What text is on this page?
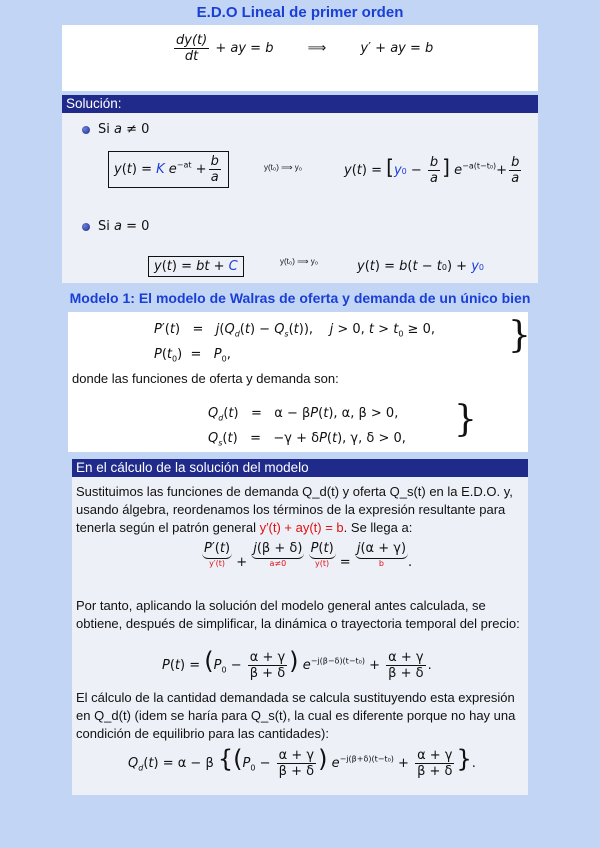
E.D.O Lineal de primer orden
$\frac{dy(t)}{dt}$ + ay = b	⟹	y′ + ay = b
Solución:
Si a ≠ 0
y(t) = K $e^{-at} + \frac{b}{a}$	y(t₀) ⟹ y₀	$y(t) = [y0 - \frac{b}{a}$ ] $e^{-a(t-t_0)}+ \frac{b}{a}$
Si a = 0
y(t) = bt + C	y(t₀) ⟹ y₀	y(t) = b(t − t0) + y0
Modelo 1: El modelo de Walras de oferta y demanda de un único bien
$P'(t) = j(Q_d(t) - Q_s(t))$,    j > 0, $t > t_0 \ge 0$,
$P(t_0) = P_0$,	}
donde las funciones de oferta y demanda son:
$Q_d(t) = \alpha - \beta P(t)$, α, β > 0,
$Q_s(t) = -\gamma + \delta P(t)$, γ, δ > 0, }
En el cálculo de la solución del modelo
Sustituimos las funciones de demanda Q_d(t) y oferta Q_s(t) en la E.D.O. y, usando álgebra, reordenamos los términos de la expresión resultante para tenerla según el patrón general y′(t) + ay(t) = b. Se llega a:
P′(t)
y′(t) +
j(β + δ)
a≠0

P(t)
y(t) =
j(α + γ)
b	.
Por tanto, aplicando la solución del modelo general antes calculada, se obtiene, después de simplificar, la dinámica o trayectoria temporal del precio:
$P(t) = (P_0 - \frac{\alpha + \gamma}{\beta + \delta}$ ) $e^{-j(\beta-\delta)(t-t_0)} + \frac{\alpha + \gamma}{\beta + \delta}$ .
El cálculo de la cantidad demandada se calcula sustituyendo esta expresión en Q_d(t) (idem se haría para Q_s(t), la cual es diferente porque no hay una condición de equilibrio para las cantidades):
$Q_d(t) = \alpha - \beta$ {($P_0 - \frac{\alpha + \gamma}{\beta + \delta}$ ) $e^{-j(\beta+\delta)(t-t_0)} + \frac{\alpha + \gamma}{\beta + \delta}$ }.
